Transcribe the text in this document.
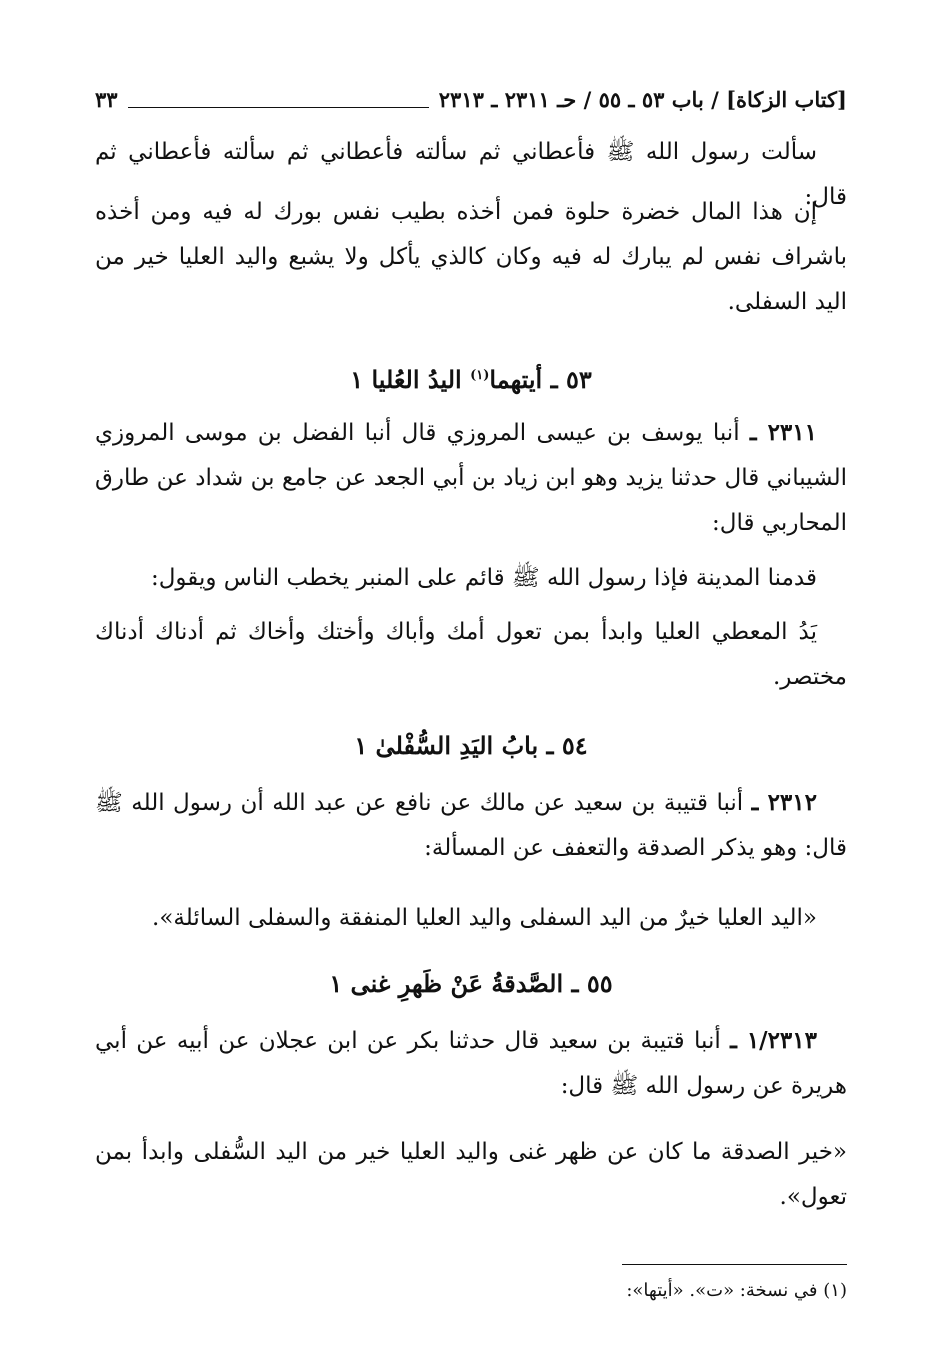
[كتاب الزكاة] / باب ٥٣ ـ ٥٥ / حـ ٢٣١١ ـ ٢٣١٣
٣٣
سألت رسول الله ﷺ فأعطاني ثم سألته فأعطاني ثم سألته فأعطاني ثم قال:
إن هذا المال خضرة حلوة فمن أخذه بطيب نفس بورك له فيه ومن أخذه باشراف نفس لم يبارك له فيه وكان كالذي يأكل ولا يشبع واليد العليا خير من اليد السفلى.
٥٣ ـ أيتهما$^{(١)}$ اليدُ العُليا ١
٢٣١١ ـ أنبا يوسف بن عيسى المروزي قال أنبا الفضل بن موسى المروزي الشيباني قال حدثنا يزيد وهو ابن زياد بن أبي الجعد عن جامع بن شداد عن طارق المحاربي قال:
قدمنا المدينة فإذا رسول الله ﷺ قائم على المنبر يخطب الناس ويقول:
يَدُ المعطي العليا وابدأ بمن تعول أمك وأباك وأختك وأخاك ثم أدناك أدناك مختصر.
٥٤ ـ بابُ اليَدِ السُّفْلىٰ ١
٢٣١٢ ـ أنبا قتيبة بن سعيد عن مالك عن نافع عن عبد الله أن رسول الله ﷺ قال: وهو يذكر الصدقة والتعفف عن المسألة:
«اليد العليا خيرٌ من اليد السفلى واليد العليا المنفقة والسفلى السائلة».
٥٥ ـ الصَّدقةُ عَنْ ظَهرِ غنى ١
١/٢٣١٣ ـ أنبا قتيبة بن سعيد قال حدثنا بكر عن ابن عجلان عن أبيه عن أبي هريرة عن رسول الله ﷺ قال:
«خير الصدقة ما كان عن ظهر غنى واليد العليا خير من اليد السُّفلى وابدأ بمن تعول».
(١) في نسخة: «ت». «أيتها»:
